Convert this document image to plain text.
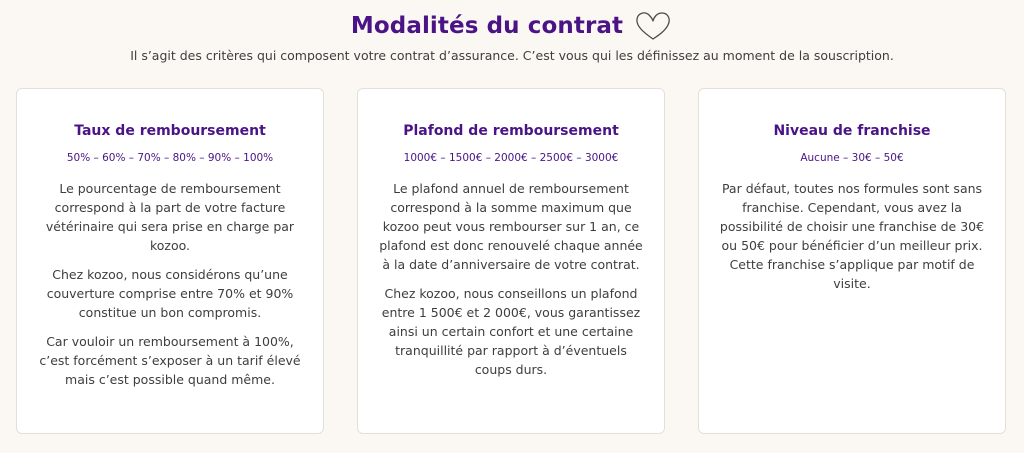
Modalités du contrat

Il s’agit des critères qui composent votre contrat d’assurance. C’est vous qui les définissez au moment de la souscription.

Taux de remboursement
50% – 60% – 70% – 80% – 90% – 100%

Le pourcentage de remboursement correspond à la part de votre facture vétérinaire qui sera prise en charge par kozoo.

Chez kozoo, nous considérons qu’une couverture comprise entre 70% et 90% constitue un bon compromis.

Car vouloir un remboursement à 100%, c’est forcément s’exposer à un tarif élevé mais c’est possible quand même.

Plafond de remboursement
1000€ – 1500€ – 2000€ – 2500€ – 3000€

Le plafond annuel de remboursement correspond à la somme maximum que kozoo peut vous rembourser sur 1 an, ce plafond est donc renouvelé chaque année à la date d’anniversaire de votre contrat.

Chez kozoo, nous conseillons un plafond entre 1 500€ et 2 000€, vous garantissez ainsi un certain confort et une certaine tranquillité par rapport à d’éventuels coups durs.

Niveau de franchise
Aucune – 30€ – 50€

Par défaut, toutes nos formules sont sans franchise. Cependant, vous avez la possibilité de choisir une franchise de 30€ ou 50€ pour bénéficier d’un meilleur prix. Cette franchise s’applique par motif de visite.
